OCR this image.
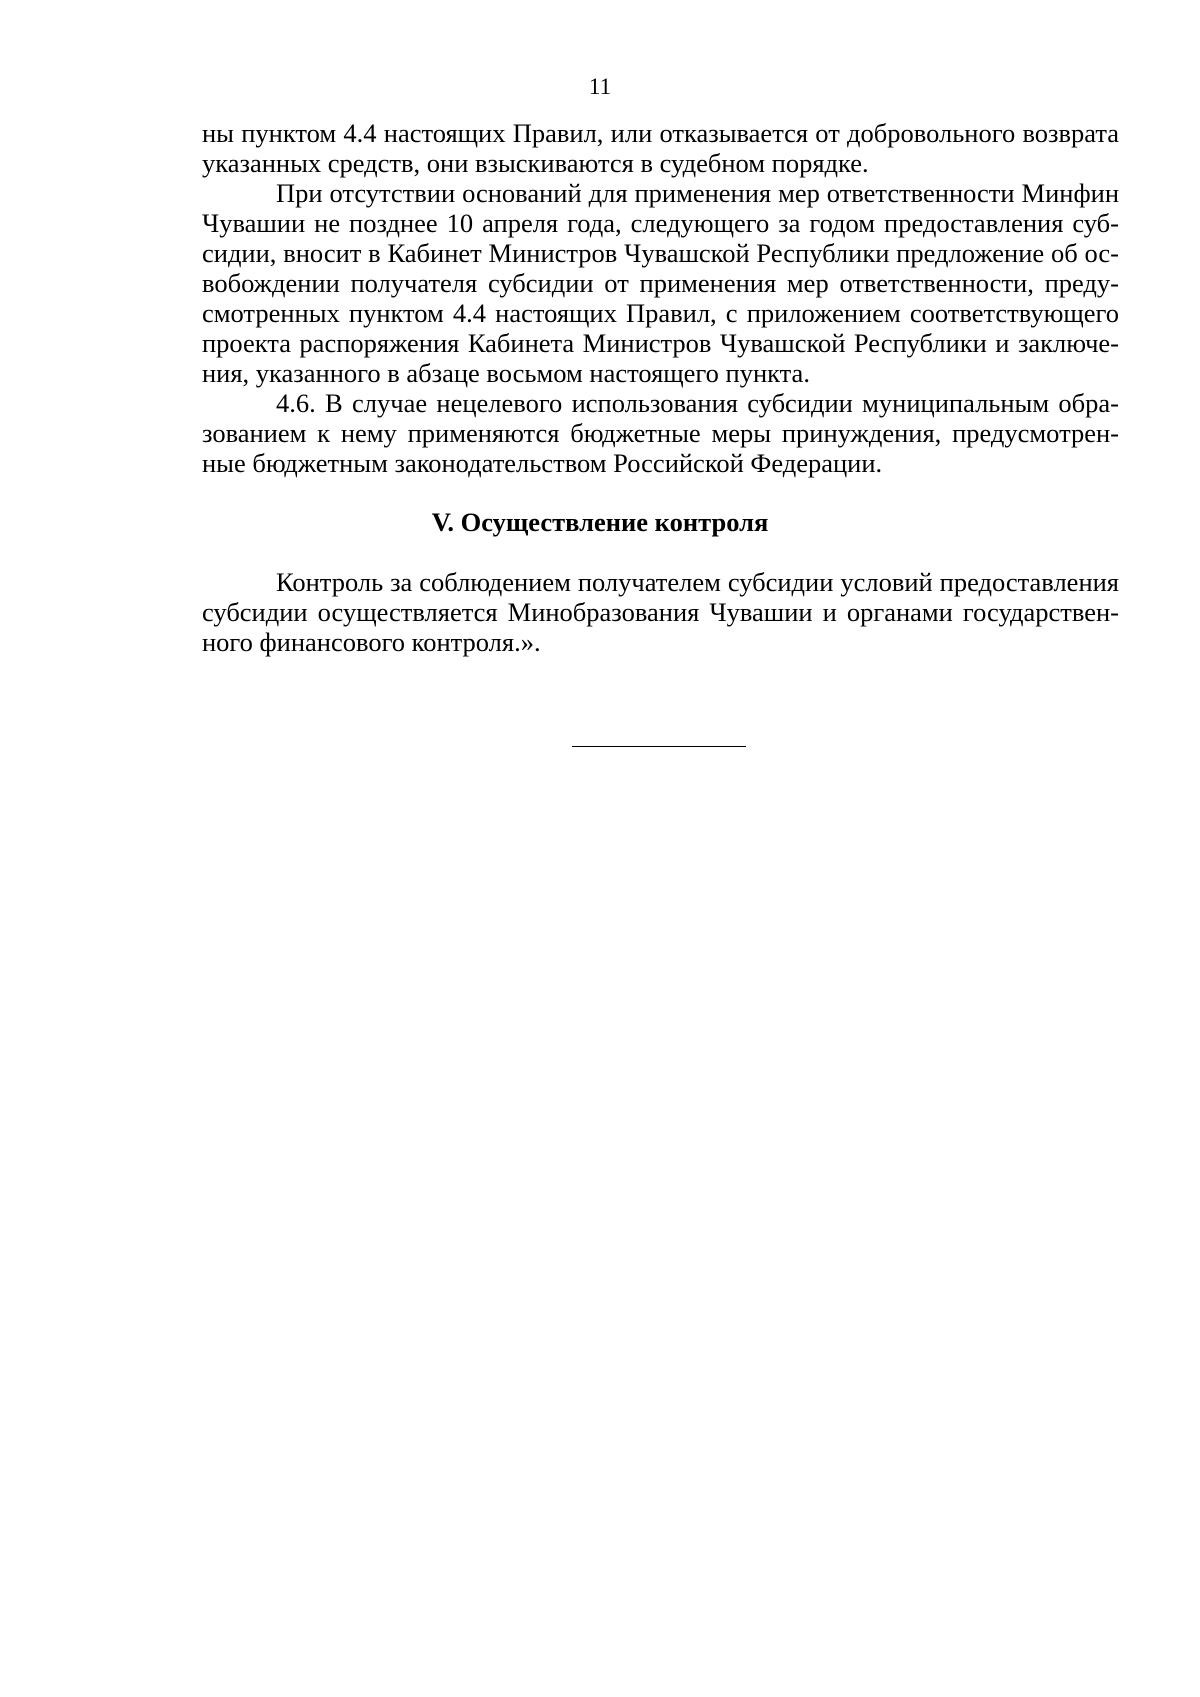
11
ны пунктом 4.4 настоящих Правил, или отказывается от добровольного возврата
указанных средств, они взыскиваются в судебном порядке.
При отсутствии оснований для применения мер ответственности Минфин
Чувашии не позднее 10 апреля года, следующего за годом предоставления суб-
сидии, вносит в Кабинет Министров Чувашской Республики предложение об ос-
вобождении получателя субсидии от применения мер ответственности, преду-
смотренных пунктом 4.4 настоящих Правил, с приложением соответствующего
проекта распоряжения Кабинета Министров Чувашской Республики и заключе-
ния, указанного в абзаце восьмом настоящего пункта.
4.6. В случае нецелевого использования субсидии муниципальным обра-
зованием к нему применяются бюджетные меры принуждения, предусмотрен-
ные бюджетным законодательством Российской Федерации.
V. Осуществление контроля
Контроль за соблюдением получателем субсидии условий предоставления
субсидии осуществляется Минобразования Чувашии и органами государствен-
ного финансового контроля.».
